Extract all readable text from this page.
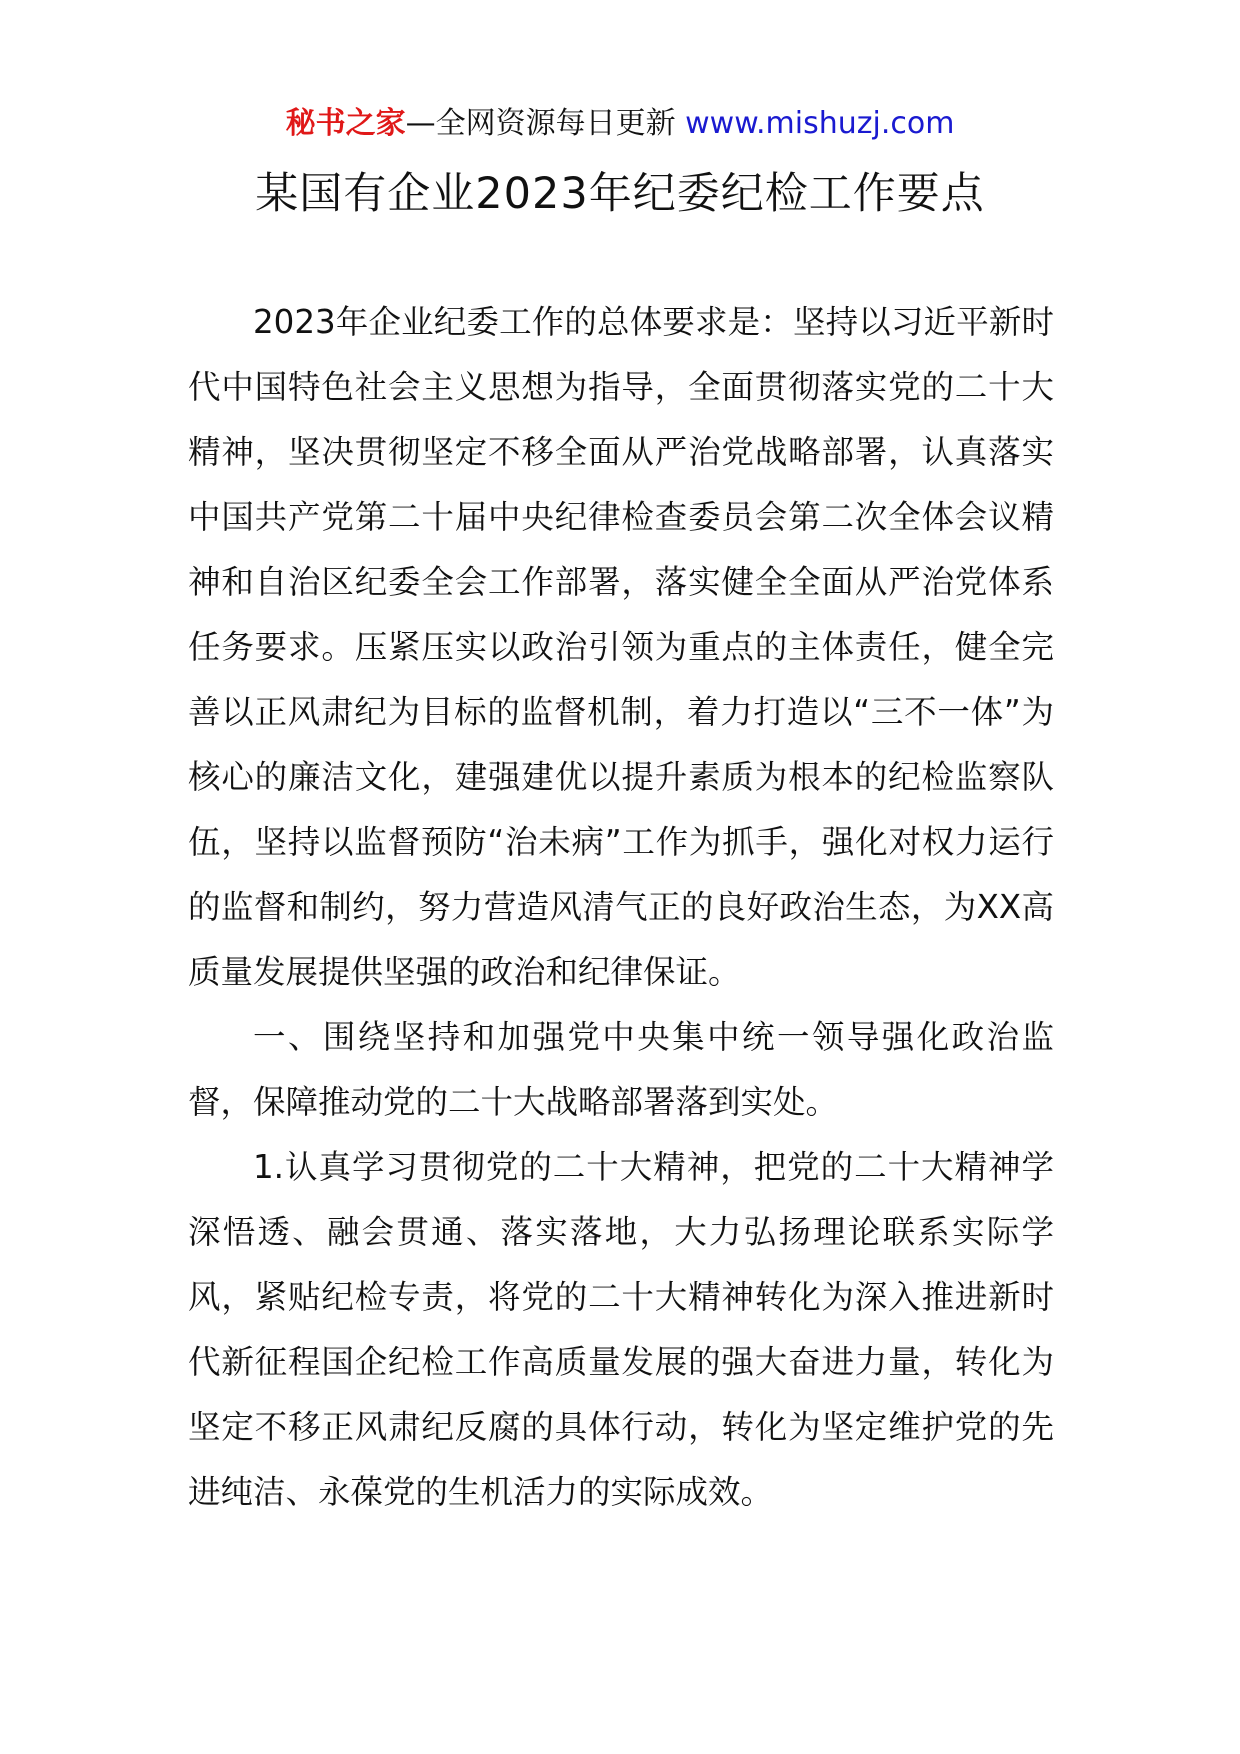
秘书之家—全网资源每日更新 www.mishuzj.com
某国有企业2023年纪委纪检工作要点

2023年企业纪委工作的总体要求是：坚持以习近平新时代中国特色社会主义思想为指导，全面贯彻落实党的二十大精神，坚决贯彻坚定不移全面从严治党战略部署，认真落实中国共产党第二十届中央纪律检查委员会第二次全体会议精神和自治区纪委全会工作部署，落实健全全面从严治党体系任务要求。压紧压实以政治引领为重点的主体责任，健全完善以正风肃纪为目标的监督机制，着力打造以“三不一体”为核心的廉洁文化，建强建优以提升素质为根本的纪检监察队伍，坚持以监督预防“治未病”工作为抓手，强化对权力运行的监督和制约，努力营造风清气正的良好政治生态，为XX高质量发展提供坚强的政治和纪律保证。

一、围绕坚持和加强党中央集中统一领导强化政治监督，保障推动党的二十大战略部署落到实处。

1.认真学习贯彻党的二十大精神，把党的二十大精神学深悟透、融会贯通、落实落地，大力弘扬理论联系实际学风，紧贴纪检专责，将党的二十大精神转化为深入推进新时代新征程国企纪检工作高质量发展的强大奋进力量，转化为坚定不移正风肃纪反腐的具体行动，转化为坚定维护党的先进纯洁、永葆党的生机活力的实际成效。
